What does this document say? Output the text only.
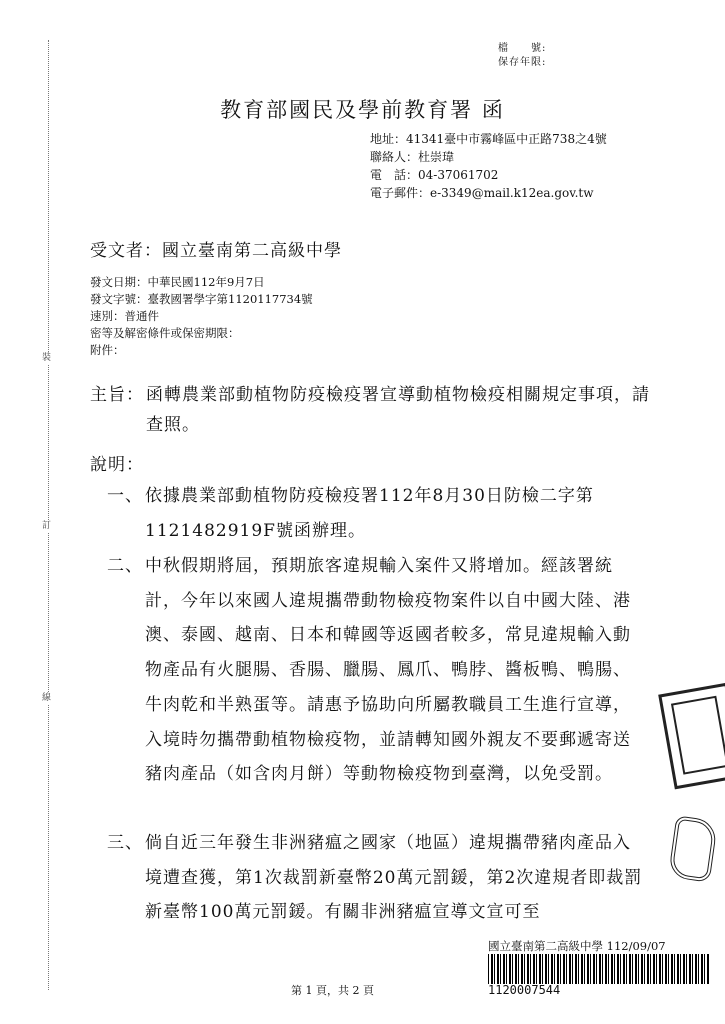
裝
訂
線
檔　　號:
保存年限:
教育部國民及學前教育署 函
地址：41341臺中市霧峰區中正路738之4號
聯絡人：杜崇瑋
電　話：04-37061702
電子郵件：e-3349@mail.k12ea.gov.tw
受文者：國立臺南第二高級中學
發文日期：中華民國112年9月7日
發文字號：臺教國署學字第1120117734號
速別：普通件
密等及解密條件或保密期限：
附件：
主旨： 函轉農業部動植物防疫檢疫署宣導動植物檢疫相關規定事項，請查照。
說明：
一、 依據農業部動植物防疫檢疫署112年8月30日防檢二字第1121482919F號函辦理。
二、 中秋假期將屆，預期旅客違規輸入案件又將增加。經該署統計，今年以來國人違規攜帶動物檢疫物案件以自中國大陸、港澳、泰國、越南、日本和韓國等返國者較多，常見違規輸入動物產品有火腿腸、香腸、臘腸、鳳爪、鴨脖、醬板鴨、鴨腸、牛肉乾和半熟蛋等。請惠予協助向所屬教職員工生進行宣導，入境時勿攜帶動植物檢疫物，並請轉知國外親友不要郵遞寄送豬肉產品（如含肉月餅）等動物檢疫物到臺灣，以免受罰。
三、 倘自近三年發生非洲豬瘟之國家（地區）違規攜帶豬肉產品入境遭查獲，第1次裁罰新臺幣20萬元罰鍰，第2次違規者即裁罰新臺幣100萬元罰鍰。有關非洲豬瘟宣導文宣可至
國立臺南第二高級中學 112/09/07
1120007544
第 1 頁，共 2 頁
